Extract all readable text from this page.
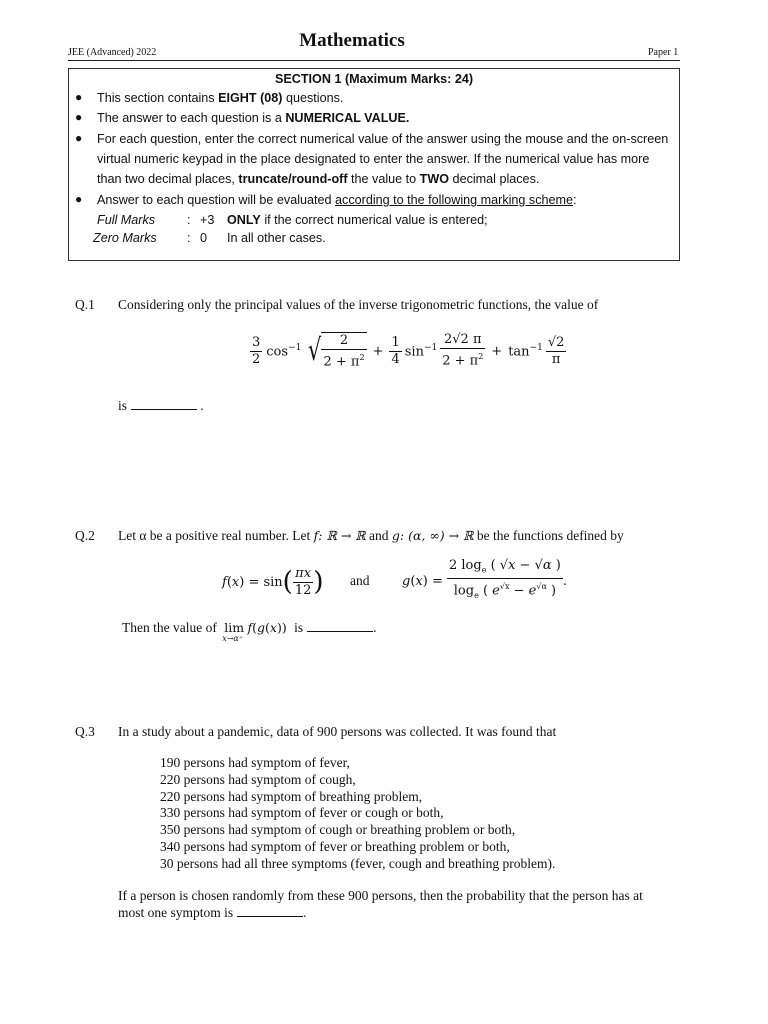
JEE (Advanced) 2022
Mathematics
Paper 1
SECTION 1 (Maximum Marks: 24)
● This section contains EIGHT (08) questions.
● The answer to each question is a NUMERICAL VALUE.
● For each question, enter the correct numerical value of the answer using the mouse and the on-screen virtual numeric keypad in the place designated to enter the answer. If the numerical value has more than two decimal places, truncate/round-off the value to TWO decimal places.
● Answer to each question will be evaluated according to the following marking scheme:
Full Marks	: +3 ONLY if the correct numerical value is entered;
Zero Marks : 0 In all other cases.
Q.1 Considering only the principal values of the inverse trigonometric functions, the value of
$\frac{3}{2} \cos^{-1}$ √ $\frac{2}{2 + \pi^2} + \frac{1}{4} \sin^{-1} \frac{2√2 \pi}{2 + \pi^2} + \tan^{-1} \frac{√2}{\pi}$
is	.
Q.2 Let α be a positive real number. Let f: ℝ → ℝ and g: (α, ∞) → ℝ be the functions defined by
f ( x ) = sin ( $\frac{\pi x}{12}$ ) and	g ( x ) = $\frac{2 \log_e ( √x - √\alpha )}{\log_e ( e^{√x} - e^{√\alpha} )}$ .
Then the value of lim
x→α⁺
f(g(x)) is	.
Q.3 In a study about a pandemic, data of 900 persons was collected. It was found that
190 persons had symptom of fever,
220 persons had symptom of cough,
220 persons had symptom of breathing problem,
330 persons had symptom of fever or cough or both,
350 persons had symptom of cough or breathing problem or both,
340 persons had symptom of fever or breathing problem or both,
30 persons had all three symptoms (fever, cough and breathing problem).
If a person is chosen randomly from these 900 persons, then the probability that the person has at
most one symptom is	.
